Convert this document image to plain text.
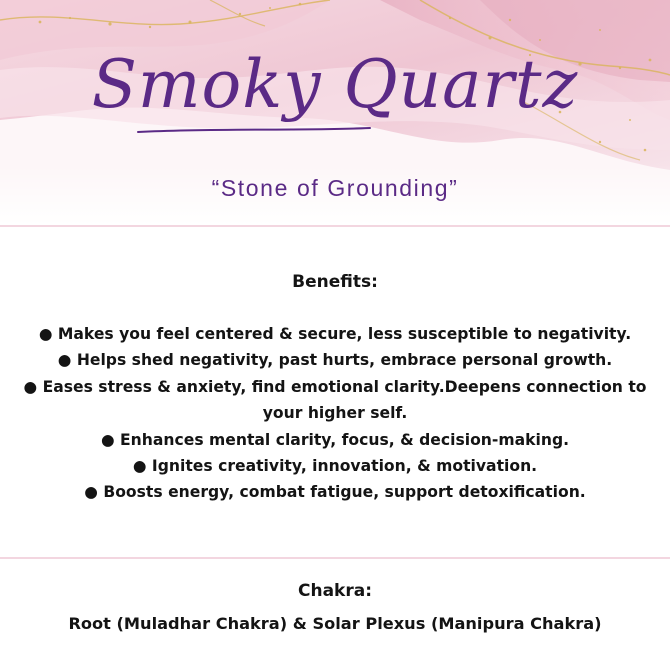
Smoky Quartz
“Stone of Grounding”
Benefits:
● Makes you feel centered & secure, less susceptible to negativity.
● Helps shed negativity, past hurts, embrace personal growth.
● Eases stress & anxiety, find emotional clarity.Deepens connection to your higher self.
● Enhances mental clarity, focus, & decision-making.
● Ignites creativity, innovation, & motivation.
● Boosts energy, combat fatigue, support detoxification.
Chakra:
Root (Muladhar Chakra) & Solar Plexus (Manipura Chakra)
